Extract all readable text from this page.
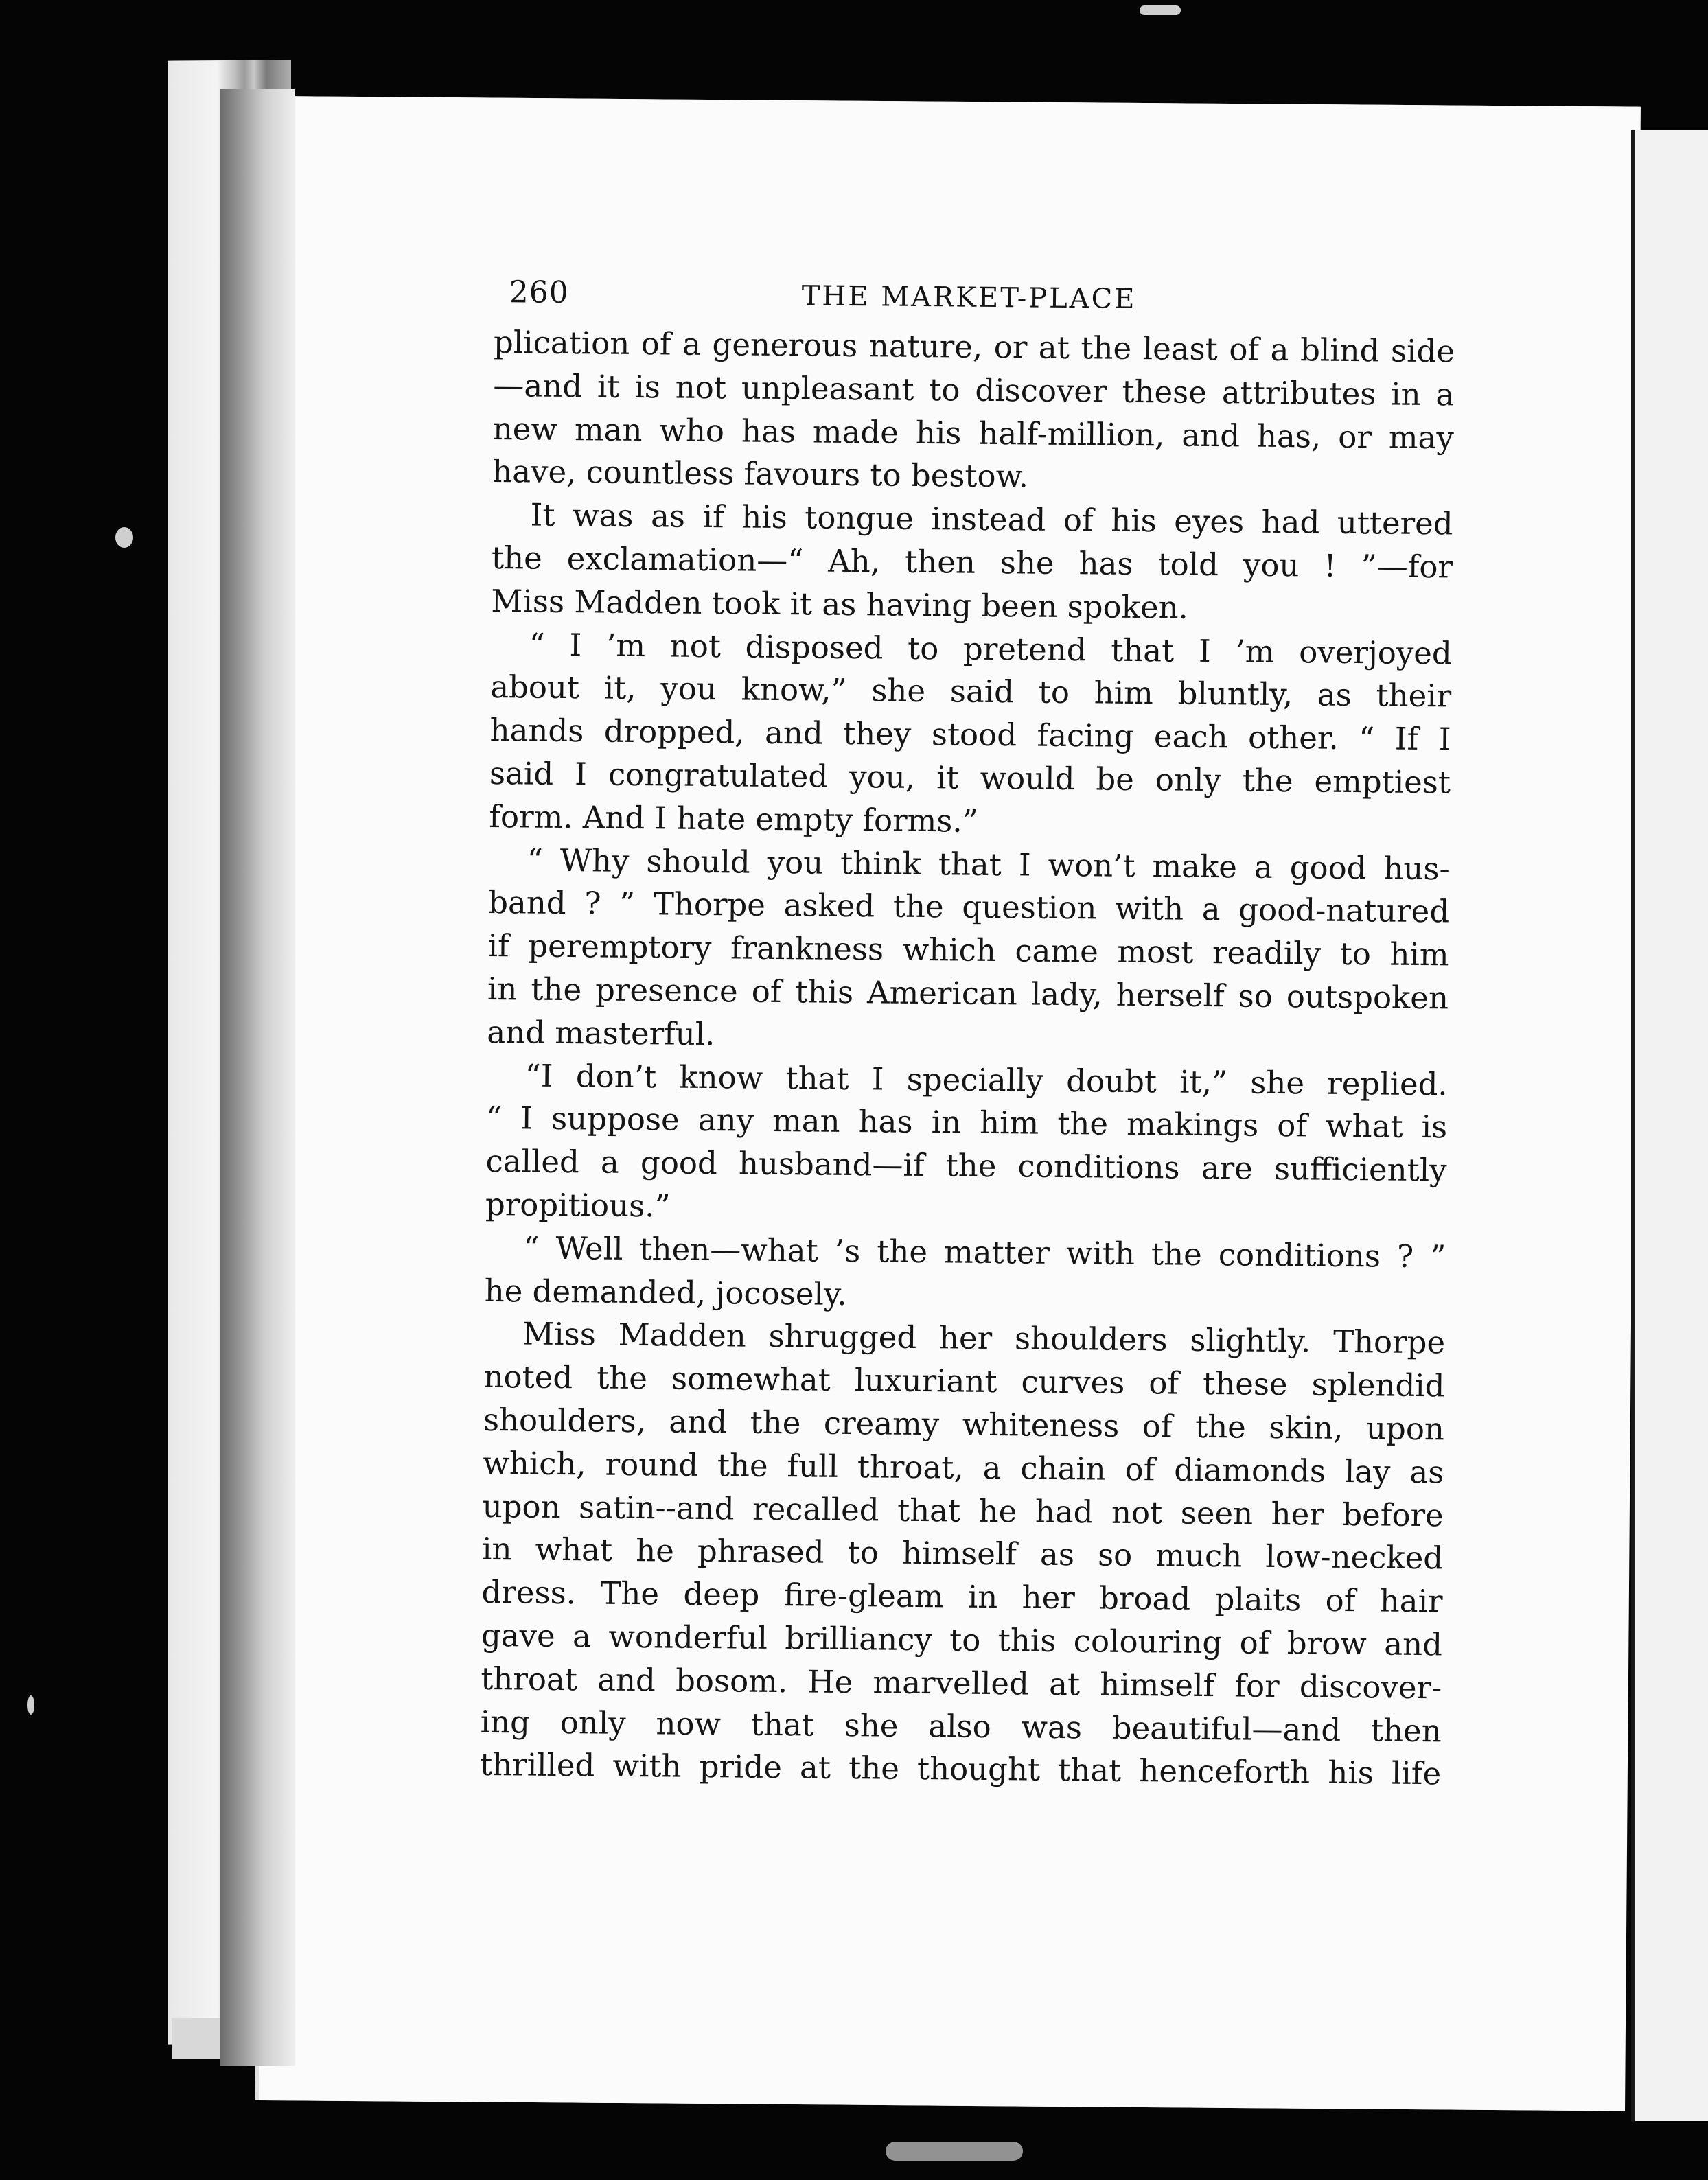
260	THE MARKET-PLACE
plication of a generous nature, or at the least of a blind side
—and it is not unpleasant to discover these attributes in a
new man who has made his half-million, and has, or may
have, countless favours to bestow.
It was as if his tongue instead of his eyes had uttered
the exclamation—“ Ah, then she has told you ! ”—for
Miss Madden took it as having been spoken.
“ I ’m not disposed to pretend that I ’m overjoyed
about it, you know,” she said to him bluntly, as their
hands dropped, and they stood facing each other. “ If I
said I congratulated you, it would be only the emptiest
form. And I hate empty forms.”
“ Why should you think that I won’t make a good hus-
band ? ” Thorpe asked the question with a good-natured
if peremptory frankness which came most readily to him
in the presence of this American lady, herself so outspoken
and masterful.
“I don’t know that I specially doubt it,” she replied.
“ I suppose any man has in him the makings of what is
called a good husband—if the conditions are sufficiently
propitious.”
“ Well then—what ’s the matter with the conditions ? ”
he demanded, jocosely.
Miss Madden shrugged her shoulders slightly. Thorpe
noted the somewhat luxuriant curves of these splendid
shoulders, and the creamy whiteness of the skin, upon
which, round the full throat, a chain of diamonds lay as
upon satin--and recalled that he had not seen her before
in what he phrased to himself as so much low-necked
dress. The deep fire-gleam in her broad plaits of hair
gave a wonderful brilliancy to this colouring of brow and
throat and bosom. He marvelled at himself for discover-
ing only now that she also was beautiful—and then
thrilled with pride at the thought that henceforth his life
